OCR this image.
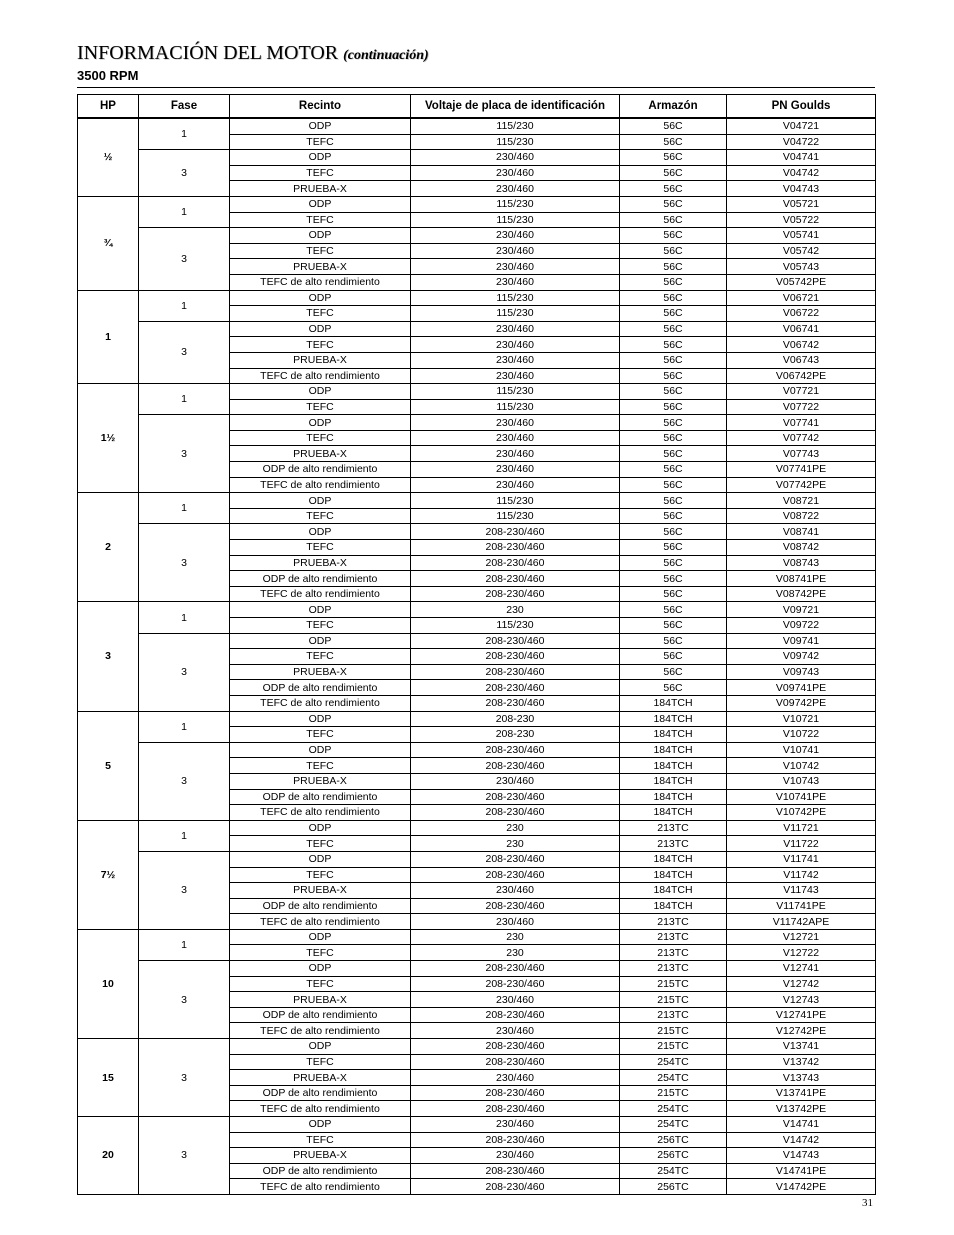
INFORMACIÓN DEL MOTOR (continuación)
3500 RPM
HP	Fase	Recinto	Voltaje de placa de identificación	Armazón	PN Goulds
½	1	ODP	115/230	56C	V04721
		TEFC	115/230	56C	V04722
	3	ODP	230/460	56C	V04741
		TEFC	230/460	56C	V04742
		PRUEBA-X	230/460	56C	V04743
¾	1	ODP	115/230	56C	V05721
		TEFC	115/230	56C	V05722
	3	ODP	230/460	56C	V05741
		TEFC	230/460	56C	V05742
		PRUEBA-X	230/460	56C	V05743
		TEFC de alto rendimiento	230/460	56C	V05742PE
1	1	ODP	115/230	56C	V06721
		TEFC	115/230	56C	V06722
	3	ODP	230/460	56C	V06741
		TEFC	230/460	56C	V06742
		PRUEBA-X	230/460	56C	V06743
		TEFC de alto rendimiento	230/460	56C	V06742PE
1½	1	ODP	115/230	56C	V07721
		TEFC	115/230	56C	V07722
	3	ODP	230/460	56C	V07741
		TEFC	230/460	56C	V07742
		PRUEBA-X	230/460	56C	V07743
		ODP de alto rendimiento	230/460	56C	V07741PE
		TEFC de alto rendimiento	230/460	56C	V07742PE
2	1	ODP	115/230	56C	V08721
		TEFC	115/230	56C	V08722
	3	ODP	208-230/460	56C	V08741
		TEFC	208-230/460	56C	V08742
		PRUEBA-X	208-230/460	56C	V08743
		ODP de alto rendimiento	208-230/460	56C	V08741PE
		TEFC de alto rendimiento	208-230/460	56C	V08742PE
3	1	ODP	230	56C	V09721
		TEFC	115/230	56C	V09722
	3	ODP	208-230/460	56C	V09741
		TEFC	208-230/460	56C	V09742
		PRUEBA-X	208-230/460	56C	V09743
		ODP de alto rendimiento	208-230/460	56C	V09741PE
		TEFC de alto rendimiento	208-230/460	184TCH	V09742PE
5	1	ODP	208-230	184TCH	V10721
		TEFC	208-230	184TCH	V10722
	3	ODP	208-230/460	184TCH	V10741
		TEFC	208-230/460	184TCH	V10742
		PRUEBA-X	230/460	184TCH	V10743
		ODP de alto rendimiento	208-230/460	184TCH	V10741PE
		TEFC de alto rendimiento	208-230/460	184TCH	V10742PE
7½	1	ODP	230	213TC	V11721
		TEFC	230	213TC	V11722
	3	ODP	208-230/460	184TCH	V11741
		TEFC	208-230/460	184TCH	V11742
		PRUEBA-X	230/460	184TCH	V11743
		ODP de alto rendimiento	208-230/460	184TCH	V11741PE
		TEFC de alto rendimiento	230/460	213TC	V11742APE
10	1	ODP	230	213TC	V12721
		TEFC	230	213TC	V12722
	3	ODP	208-230/460	213TC	V12741
		TEFC	208-230/460	215TC	V12742
		PRUEBA-X	230/460	215TC	V12743
		ODP de alto rendimiento	208-230/460	213TC	V12741PE
		TEFC de alto rendimiento	230/460	215TC	V12742PE
15	3	ODP	208-230/460	215TC	V13741
		TEFC	208-230/460	254TC	V13742
		PRUEBA-X	230/460	254TC	V13743
		ODP de alto rendimiento	208-230/460	215TC	V13741PE
		TEFC de alto rendimiento	208-230/460	254TC	V13742PE
20	3	ODP	230/460	254TC	V14741
		TEFC	208-230/460	256TC	V14742
		PRUEBA-X	230/460	256TC	V14743
		ODP de alto rendimiento	208-230/460	254TC	V14741PE
		TEFC de alto rendimiento	208-230/460	256TC	V14742PE
31
